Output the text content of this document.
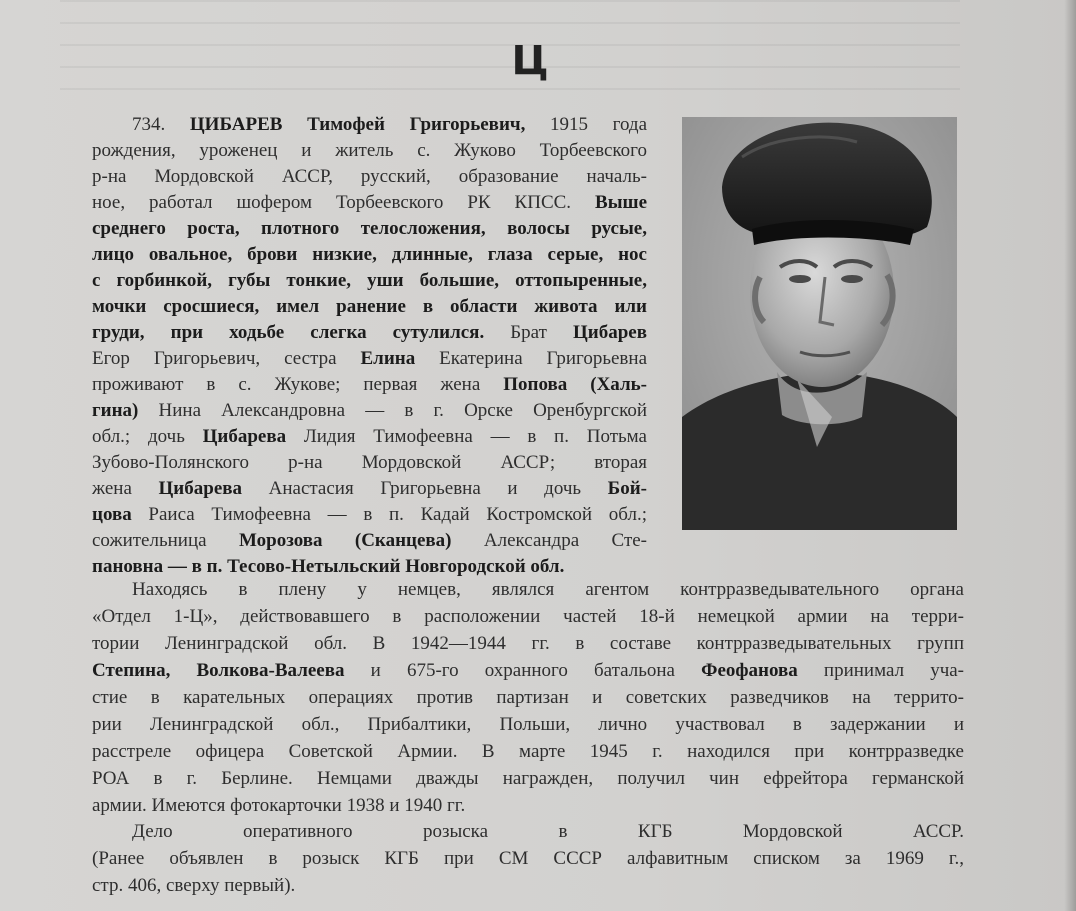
Ц
734. ЦИБАРЕВ Тимофей Григорьевич, 1915 года
рождения, уроженец и житель с. Жуково Торбеевского
р-на Мордовской АССР, русский, образование началь-
ное, работал шофером Торбеевского РК КПСС. Выше
среднего роста, плотного телосложения, волосы русые,
лицо овальное, брови низкие, длинные, глаза серые, нос
с горбинкой, губы тонкие, уши большие, оттопыренные,
мочки сросшиеся, имел ранение в области живота или
груди, при ходьбе слегка сутулился. Брат Цибарев
Егор Григорьевич, сестра Елина Екатерина Григорьевна
проживают в с. Жукове; первая жена Попова (Халь-
гина) Нина Александровна — в г. Орске Оренбургской
обл.; дочь Цибарева Лидия Тимофеевна — в п. Потьма
Зубово-Полянского р-на Мордовской АССР; вторая
жена Цибарева Анастасия Григорьевна и дочь Бой-
цова Раиса Тимофеевна — в п. Кадай Костромской обл.;
сожительница Морозова (Сканцева) Александра Сте-
пановна — в п. Тесово-Нетыльский Новгородской обл.
Находясь в плену у немцев, являлся агентом контрразведывательного органа
«Отдел 1-Ц», действовавшего в расположении частей 18-й немецкой армии на терри-
тории Ленинградской обл. В 1942—1944 гг. в составе контрразведывательных групп
Степина, Волкова-Валеева и 675-го охранного батальона Феофанова принимал уча-
стие в карательных операциях против партизан и советских разведчиков на террито-
рии Ленинградской обл., Прибалтики, Польши, лично участвовал в задержании и
расстреле офицера Советской Армии. В марте 1945 г. находился при контрразведке
РОА в г. Берлине. Немцами дважды награжден, получил чин ефрейтора германской
армии. Имеются фотокарточки 1938 и 1940 гг.
Дело оперативного розыска в КГБ Мордовской АССР.
(Ранее объявлен в розыск КГБ при СМ СССР алфавитным списком за 1969 г.,
стр. 406, сверху первый).
